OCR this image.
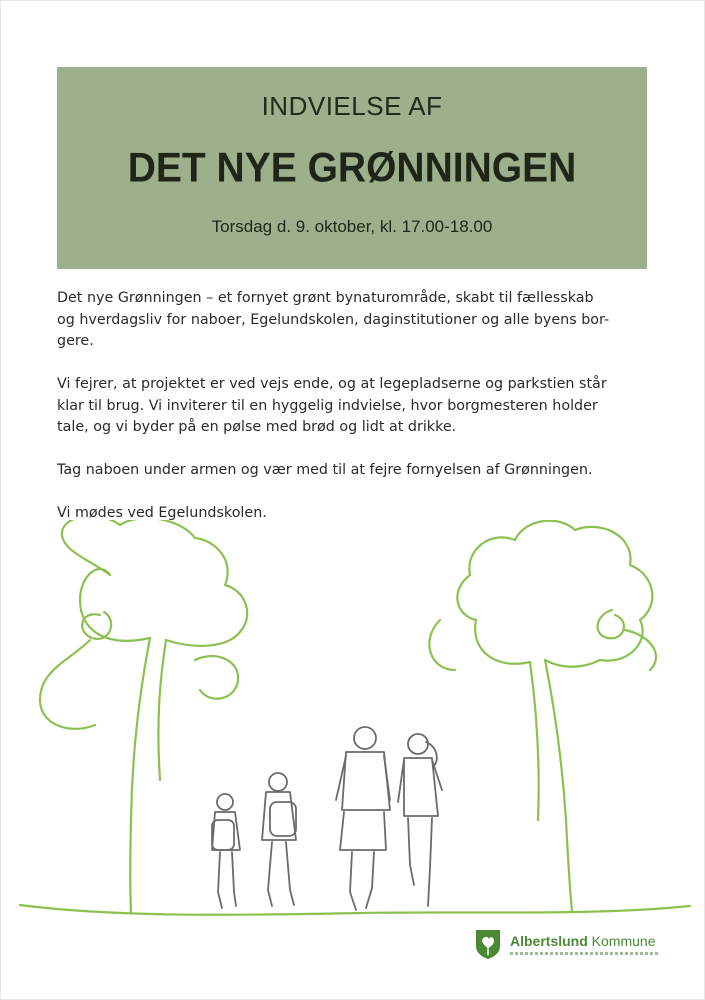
INDVIELSE AF
DET NYE GRØNNINGEN
Torsdag d. 9. oktober, kl. 17.00-18.00

Det nye Grønningen – et fornyet grønt bynaturområde, skabt til fællesskab
og hverdagsliv for naboer, Egelundskolen, daginstitutioner og alle byens bor-
gere.

Vi fejrer, at projektet er ved vejs ende, og at legepladserne og parkstien står
klar til brug. Vi inviterer til en hyggelig indvielse, hvor borgmesteren holder
tale, og vi byder på en pølse med brød og lidt at drikke.

Tag naboen under armen og vær med til at fejre fornyelsen af Grønningen.

Vi mødes ved Egelundskolen.

Albertslund Kommune
